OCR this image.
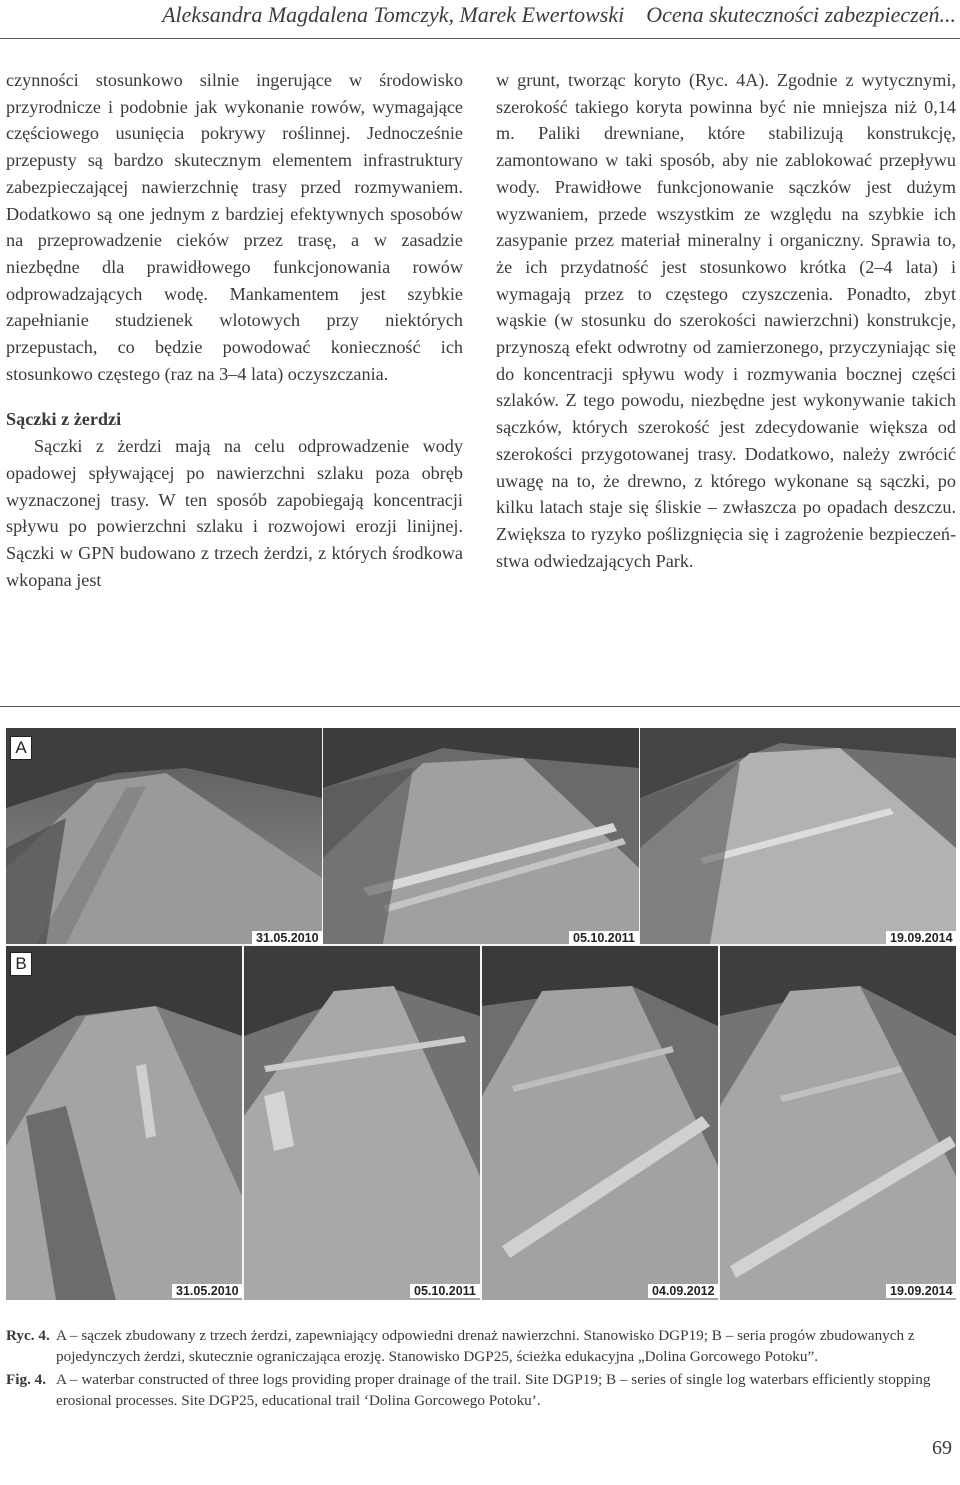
Aleksandra Magdalena Tomczyk, Marek Ewertowski Ocena skuteczności zabezpieczeń...

czynności stosunkowo silnie ingerujące w środowisko przyrodnicze i podobnie jak wykonanie rowów, wymagające częściowego usunięcia pokrywy roślinnej. Jednocześnie przepusty są bardzo skutecznym elementem infrastruktury zabezpieczającej nawierzchnię trasy przed rozmywaniem. Dodatkowo są one jednym z bardziej efektywnych sposobów na przeprowadzenie cieków przez trasę, a w zasadzie niezbędne dla prawidłowego funkcjonowania rowów odprowadzających wodę. Mankamentem jest szybkie zapełnianie studzienek wlotowych przy niektórych przepustach, co będzie powodować konieczność ich stosunkowo częstego (raz na 3–4 lata) oczyszczania.

Sączki z żerdzi

Sączki z żerdzi mają na celu odprowadzenie wody opadowej spływającej po nawierzchni szlaku poza obręb wyznaczonej trasy. W ten sposób zapobiegają koncentracji spływu po powierzchni szlaku i rozwojowi erozji linijnej. Sączki w GPN budowano z trzech żerdzi, z których środkowa wkopana jest

w grunt, tworząc koryto (Ryc. 4A). Zgodnie z wytycznymi, szerokość takiego koryta powinna być nie mniejsza niż 0,14 m. Paliki drewniane, które stabilizują konstrukcję, zamontowano w taki sposób, aby nie zablokować przepływu wody. Prawidłowe funkcjonowanie sączków jest dużym wyzwaniem, przede wszystkim ze względu na szybkie ich zasypanie przez materiał mineralny i organiczny. Sprawia to, że ich przydatność jest stosunkowo krótka (2–4 lata) i wymagają przez to częstego czyszczenia. Ponadto, zbyt wąskie (w stosunku do szerokości nawierzchni) konstrukcje, przynoszą efekt odwrotny od zamierzonego, przyczyniając się do koncentracji spływu wody i rozmywania bocznej części szlaków. Z tego powodu, niezbędne jest wykonywanie takich sączków, których szerokość jest zdecydowanie większa od szerokości przygotowanej trasy. Dodatkowo, należy zwrócić uwagę na to, że drewno, z którego wykonane są sączki, po kilku latach staje się śliskie – zwłaszcza po opadach deszczu. Zwiększa to ryzyko poślizgnięcia się i zagrożenie bezpieczeństwa odwiedzających Park.

A
B
31.05.2010	05.10.2011	19.09.2014
31.05.2010	05.10.2011	04.09.2012	19.09.2014

Ryc. 4. A – sączek zbudowany z trzech żerdzi, zapewniający odpowiedni drenaż nawierzchni. Stanowisko DGP19; B – seria progów zbudowanych z pojedynczych żerdzi, skutecznie ograniczająca erozję. Stanowisko DGP25, ścieżka edukacyjna „Dolina Gorcowego Potoku”.

Fig. 4. A – waterbar constructed of three logs providing proper drainage of the trail. Site DGP19; B – series of single log waterbars efficiently stopping erosional processes. Site DGP25, educational trail ‘Dolina Gorcowego Potoku’.

69
